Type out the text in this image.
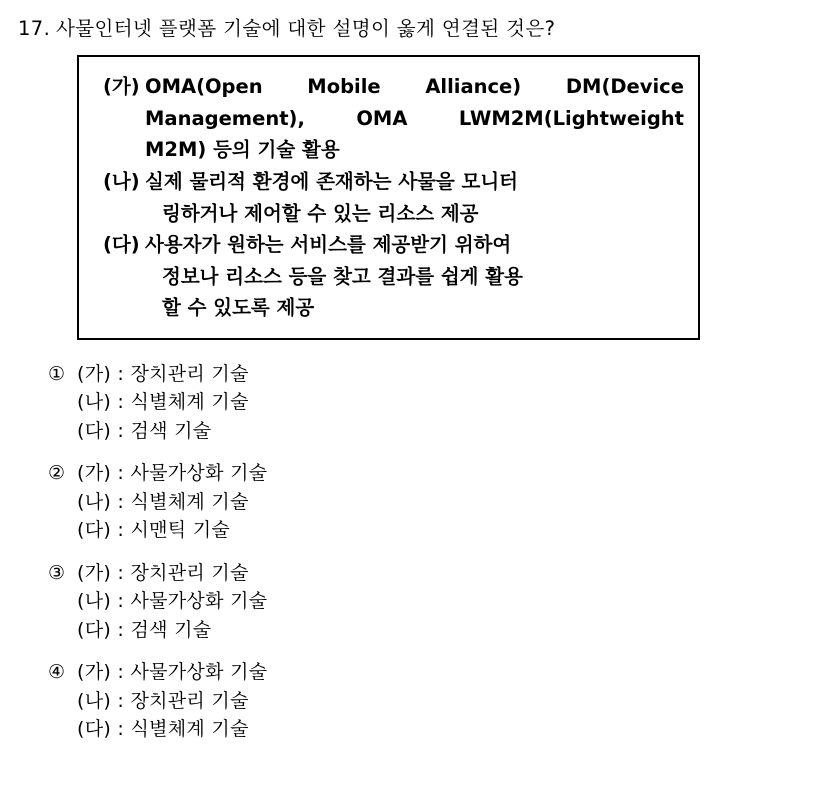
17. 사물인터넷 플랫폼 기술에 대한 설명이 옳게 연결된 것은?
(가) OMA(Open Mobile Alliance) DM(Device
Management),	OMA	LWM2M(Lightweight
M2M) 등의 기술 활용
(나) 실제 물리적 환경에 존재하는 사물을 모니터
링하거나 제어할 수 있는 리소스 제공
(다) 사용자가 원하는 서비스를 제공받기 위하여
정보나 리소스 등을 찾고 결과를 쉽게 활용
할 수 있도록 제공
① (가) : 장치관리 기술
(나) : 식별체계 기술
(다) : 검색 기술
② (가) : 사물가상화 기술
(나) : 식별체계 기술
(다) : 시맨틱 기술
③ (가) : 장치관리 기술
(나) : 사물가상화 기술
(다) : 검색 기술
④ (가) : 사물가상화 기술
(나) : 장치관리 기술
(다) : 식별체계 기술
